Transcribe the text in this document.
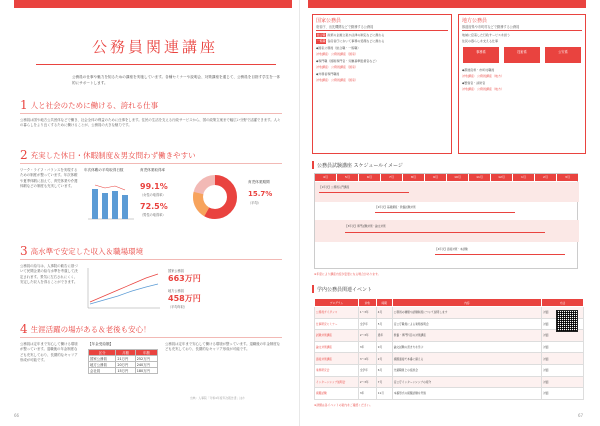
公務員関連講座
公務員の仕事や魅力を知るための講座を実施しています。各種セミナーや説明会、対策講座を通じて、公務員を目指す学生を一体的にサポートします。
1 人と社会のために働ける、誇れる仕事
公務員は国や地方公共団体などで働き、社会全体の利益のために仕事をします。住民の生活を支える行政サービスから、国の政策立案まで幅広い分野で活躍できます。人々の暮らしをより良くするために働けることが、公務員の大きな魅力です。
2 充実した休日・休暇制度＆男女問わず働きやすい
ワーク・ライフ・バランスを実現するための制度が整っています。年次休暇や夏季休暇に加えて、育児休業や介護休暇などの制度も充実しています。
年次休暇の平均取得日数	育児休業取得率
99.1%
（女性の取得率）
72.5%
（男性の取得率）
育児休業期間
15.7%
（平均）
3 高水準で安定した収入＆職場環境
公務員の給与は、人事院の勧告に基づいて民間企業の給与水準を考慮して決定されます。景気に左右されにくく、安定した収入を得ることができます。
国家公務員
663万円
地方公務員
458万円
（平均年収）
4 生涯活躍の場がある＆老後も安心！
公務員は定年まで安心して働ける環境が整っています。退職後の年金制度なども充実しており、長期的なキャリア形成が可能です。
【年金受給額】
区分	月額	年額
国家公務員	21万円	252万円
地方公務員	20万円	240万円
会社員	15万円	180万円
公務員は定年まで安心して働ける環境が整っています。退職後の年金制度なども充実しており、長期的なキャリア形成が可能です。
出典：人事院「令和4年度年次報告書」ほか
66
国家公務員
府省庁、出先機関などで勤務する公務員
総合職 政策の企画立案や法律の制定などに携わる
一般職 各府省庁において事務の処理などに携わる
◆国家公務員（総合職・一般職）
対象講座：公務員講座（国家）
◆専門職（国税専門官・労働基準監督官など）
対象講座：公務員講座（国家）
◆外務省専門職員
対象講座：公務員講座（国家）
地方公務員
都道府県や市町村などで勤務する公務員
地域に密着した行政サービスを担う
住民の暮らしを支える仕事
事務系	技術系	公安系
◆都道府県・市町村職員
対象講座：公務員講座（地方）
◆警察官・消防官
対象講座：公務員講座（地方）
公務員試験講座 スケジュールイメージ
4月	5月	6月	7月	8月	9月	10月	11月	12月	1月	2月	3月
【1年次】公務員入門講座
【2年次】基礎講座・教養試験対策
【3年次】専門試験対策・論文対策
【4年次】面接対策・本試験
※年度により講座内容が変更になる場合があります。
学内公務員関連イベント
プログラム	対象	時期	内容	方法
公務員ガイダンス	1〜3年	4月	公務員の種類や試験制度について説明します	対面
仕事研究セミナー	全学年	5月	官公庁職員による業務説明会	対面
試験対策講座	2〜3年	通年	教養・専門科目の対策講座	対面
論文対策講座	3年	9月	論文試験の書き方を学ぶ	対面
面接対策講座	3〜4年	2月	模擬面接で本番に備える	対面
業界研究会	全学年	6月	先輩職員との座談会	対面
インターンシップ説明会	2〜3年	7月	官公庁インターンシップの紹介	対面
模擬試験	3年	11月	本番形式の模擬試験を実施	対面
※詳細は各イベントの案内をご確認ください。
67
